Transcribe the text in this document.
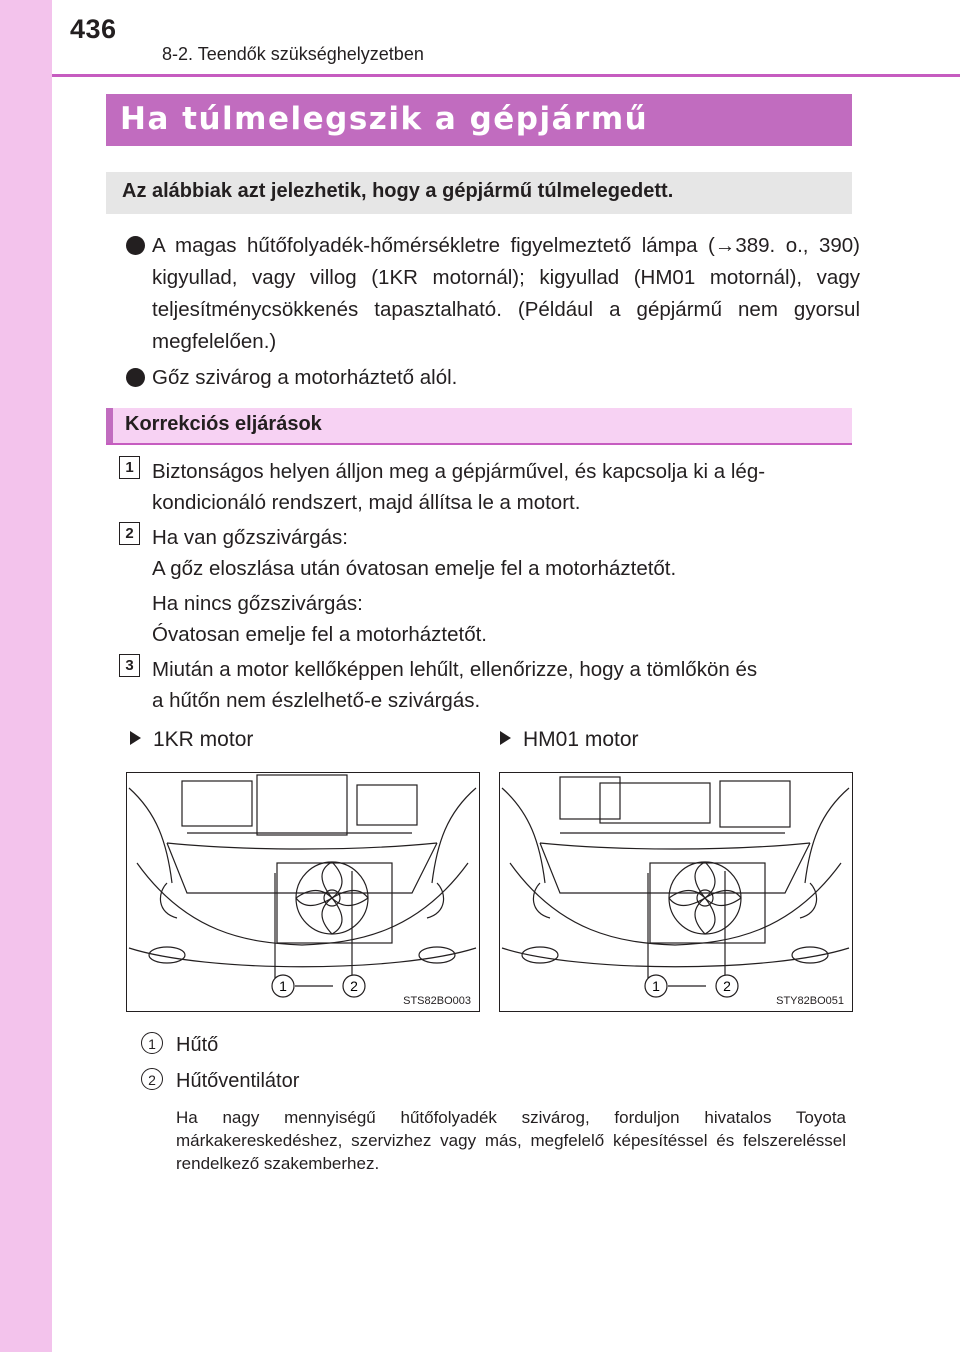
436
8-2. Teendők szükséghelyzetben
Ha túlmelegszik a gépjármű
Az alábbiak azt jelezhetik, hogy a gépjármű túlmelegedett.
A magas hűtőfolyadék-hőmérsékletre figyelmeztető lámpa (→389. o., 390) kigyullad, vagy villog (1KR motornál); kigyullad (HM01 motornál), vagy teljesítménycsökkenés tapasztalható. (Például a gépjármű nem gyorsul megfelelően.)
Gőz szivárog a motorháztető alól.
Korrekciós eljárások
1 Biztonságos helyen álljon meg a gépjárművel, és kapcsolja ki a lég-
kondicionáló rendszert, majd állítsa le a motort.
2 Ha van gőzszivárgás:
A gőz eloszlása után óvatosan emelje fel a motorháztetőt.
Ha nincs gőzszivárgás:
Óvatosan emelje fel a motorháztetőt.
3 Miután a motor kellőképpen lehűlt, ellenőrizze, hogy a tömlőkön és
a hűtőn nem észlelhető-e szivárgás.
1KR motor	HM01 motor
1	2
STS82BO003
1	2
STY82BO051
1	Hűtő
2	Hűtőventilátor
Ha nagy mennyiségű hűtőfolyadék szivárog, forduljon hivatalos Toyota márkakereskedéshez, szervizhez vagy más, megfelelő képesítéssel és felszereléssel rendelkező szakemberhez.
